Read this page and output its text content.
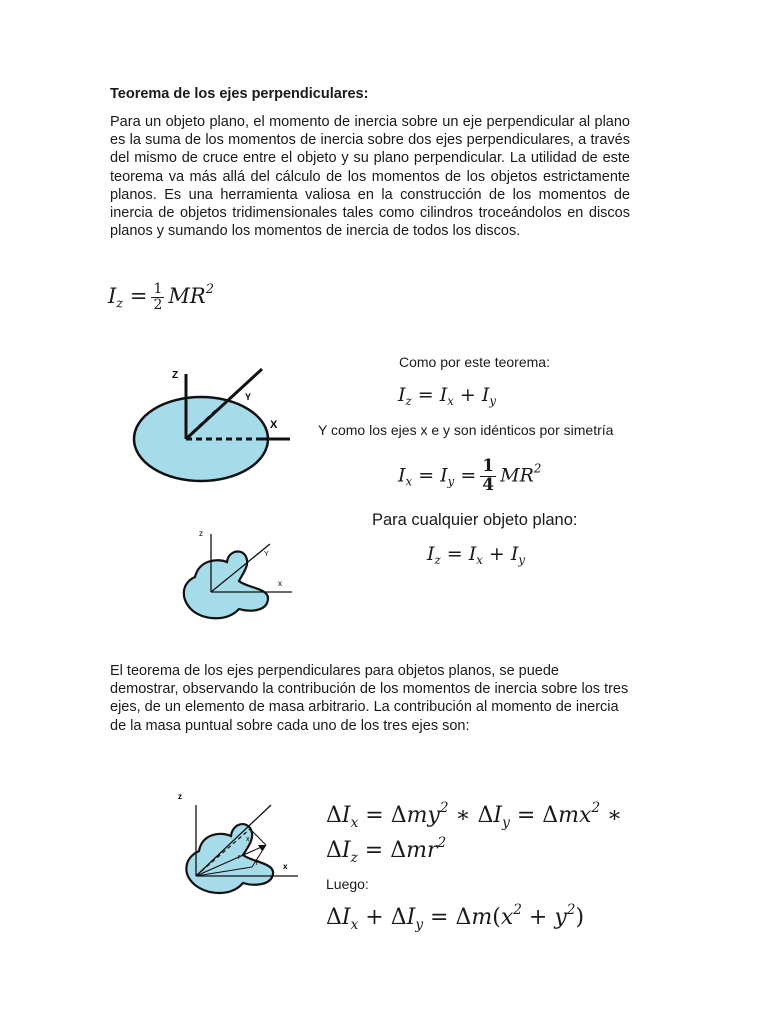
Teorema de los ejes perpendiculares:
Para un objeto plano, el momento de inercia sobre un eje perpendicular al plano es la suma de los momentos de inercia sobre dos ejes perpendiculares, a través del mismo de cruce entre el objeto y su plano perpendicular. La utilidad de este teorema va más allá del cálculo de los momentos de los objetos estrictamente planos. Es una herramienta valiosa en la construcción de los momentos de inercia de objetos tridimensionales tales como cilindros troceándolos en discos planos y sumando los momentos de inercia de todos los discos.
$I_z = \frac{1}{2} MR^2$
Z
Y
X
Como por este teorema:
$I_z = I_x + I_y$
Y como los ejes x e y son idénticos por simetría
$I_x = I_y = \frac{1}{4} MR^2$
Para cualquier objeto plano:
$I_z = I_x + I_y$
z
Y
x
El teorema de los ejes perpendiculares para objetos planos, se puede demostrar, observando la contribución de los momentos de inercia sobre los tres ejes, de un elemento de masa arbitrario. La contribución al momento de inercia de la masa puntual sobre cada uno de los tres ejes son:
z
x
r
Y	x
$\Delta I_x = \Delta my^2$ ∗ $\Delta I_y = \Delta mx^2$ ∗
$\Delta I_z = \Delta mr^2$
Luego:
$\Delta I_x + \Delta I_y = \Delta m(x^2 + y^2)$
